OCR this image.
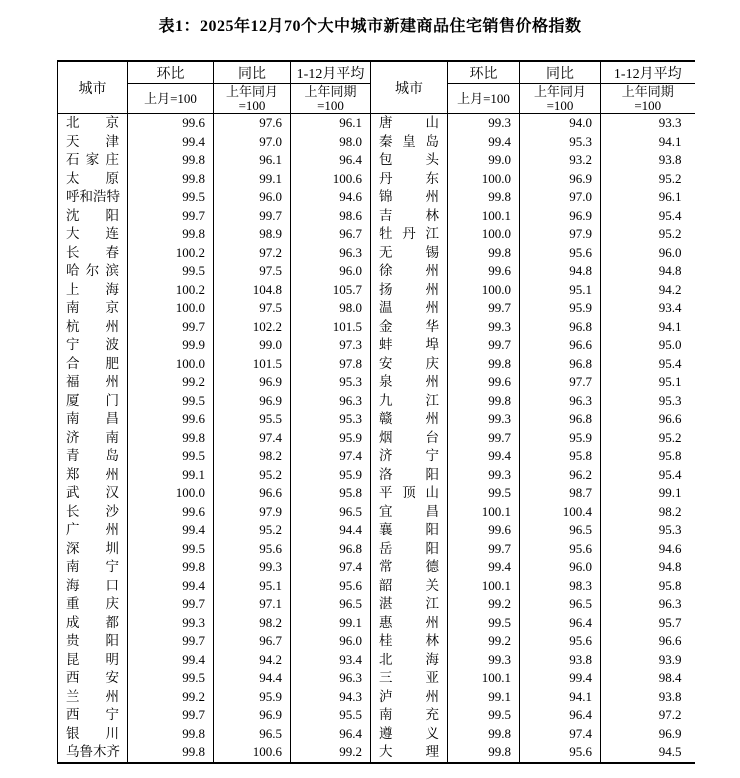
表1：2025年12月70个大中城市新建商品住宅销售价格指数
城市	环比	同比	1-12月平均	城市	环比	同比	1-12月平均

上月=100	上年同月
=100

上年同期
=100	上月=100	上年同月
=100

上年同期
=100

北 京	99.6	97.6	96.1	唐 山	99.3	94.0	93.3

天 津	99.4	97.0	98.0	秦 皇 岛	99.4	95.3	94.1

石 家 庄	99.8	96.1	96.4	包 头	99.0	93.2	93.8

太 原	99.8	99.1	100.6	丹 东	100.0	96.9	95.2

呼 和 浩 特	99.5	96.0	94.6	锦 州	99.8	97.0	96.1

沈 阳	99.7	99.7	98.6	吉 林	100.1	96.9	95.4

大 连	99.8	98.9	96.7	牡 丹 江	100.0	97.9	95.2

长 春	100.2	97.2	96.3	无 锡	99.8	95.6	96.0

哈 尔 滨	99.5	97.5	96.0	徐 州	99.6	94.8	94.8

上 海	100.2	104.8	105.7	扬 州	100.0	95.1	94.2

南 京	100.0	97.5	98.0	温 州	99.7	95.9	93.4

杭 州	99.7	102.2	101.5	金 华	99.3	96.8	94.1

宁 波	99.9	99.0	97.3	蚌 埠	99.7	96.6	95.0

合 肥	100.0	101.5	97.8	安 庆	99.8	96.8	95.4

福 州	99.2	96.9	95.3	泉 州	99.6	97.7	95.1

厦 门	99.5	96.9	96.3	九 江	99.8	96.3	95.3

南 昌	99.6	95.5	95.3	赣 州	99.3	96.8	96.6

济 南	99.8	97.4	95.9	烟 台	99.7	95.9	95.2

青 岛	99.5	98.2	97.4	济 宁	99.4	95.8	95.8

郑 州	99.1	95.2	95.9	洛 阳	99.3	96.2	95.4

武 汉	100.0	96.6	95.8	平 顶 山	99.5	98.7	99.1

长 沙	99.6	97.9	96.5	宜 昌	100.1	100.4	98.2

广 州	99.4	95.2	94.4	襄 阳	99.6	96.5	95.3

深 圳	99.5	95.6	96.8	岳 阳	99.7	95.6	94.6

南 宁	99.8	99.3	97.4	常 德	99.4	96.0	94.8

海 口	99.4	95.1	95.6	韶 关	100.1	98.3	95.8

重 庆	99.7	97.1	96.5	湛 江	99.2	96.5	96.3

成 都	99.3	98.2	99.1	惠 州	99.5	96.4	95.7

贵 阳	99.7	96.7	96.0	桂 林	99.2	95.6	96.6

昆 明	99.4	94.2	93.4	北 海	99.3	93.8	93.9

西 安	99.5	94.4	96.3	三 亚	100.1	99.4	98.4

兰 州	99.2	95.9	94.3	泸 州	99.1	94.1	93.8

西 宁	99.7	96.9	95.5	南 充	99.5	96.4	97.2

银 川	99.8	96.5	96.4	遵 义	99.8	97.4	96.9

乌 鲁 木 齐	99.8	100.6	99.2	大 理	99.8	95.6	94.5
